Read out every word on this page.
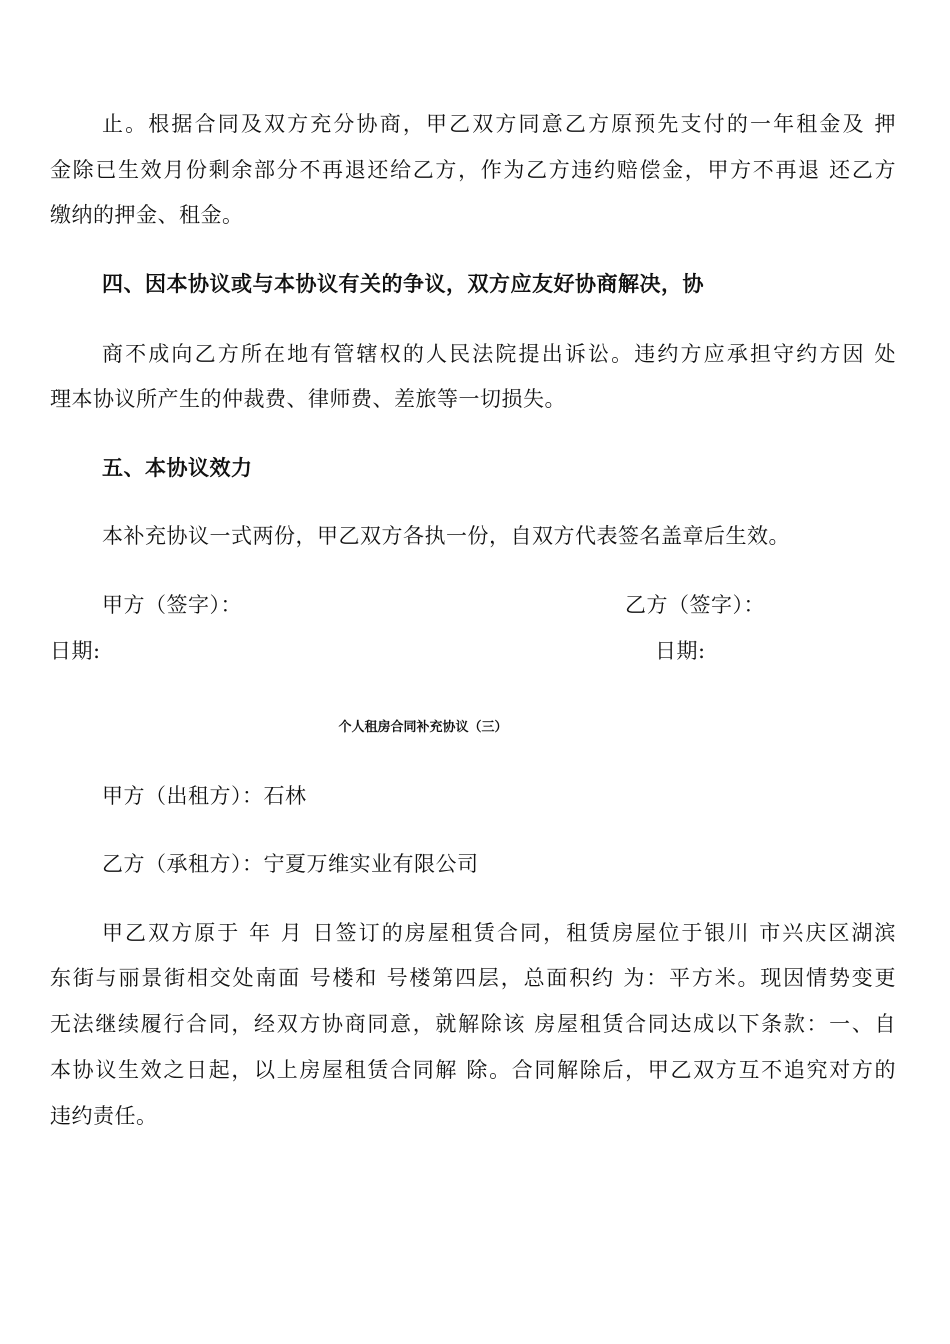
止。根据合同及双方充分协商，甲乙双方同意乙方原预先支付的一年租金及 押
金除已生效月份剩余部分不再退还给乙方，作为乙方违约赔偿金，甲方不再退 还乙方
缴纳的押金、租金。
四、因本协议或与本协议有关的争议，双方应友好协商解决，协
商不成向乙方所在地有管辖权的人民法院提出诉讼。违约方应承担守约方因 处
理本协议所产生的仲裁费、律师费、差旅等一切损失。
五、本协议效力
本补充协议一式两份，甲乙双方各执一份，自双方代表签名盖章后生效。
甲方（签字）：	乙方（签字）：
日期:	日期:
个人租房合同补充协议（三）
甲方（出租方）：石林
乙方（承租方）：宁夏万维实业有限公司
甲乙双方原于 年 月 日签订的房屋租赁合同，租赁房屋位于银川 市兴庆区湖滨
东街与丽景街相交处南面 号楼和 号楼第四层，总面积约 为：平方米。现因情势变更
无法继续履行合同，经双方协商同意，就解除该 房屋租赁合同达成以下条款：一、自
本协议生效之日起，以上房屋租赁合同解 除。合同解除后，甲乙双方互不追究对方的
违约责任。
